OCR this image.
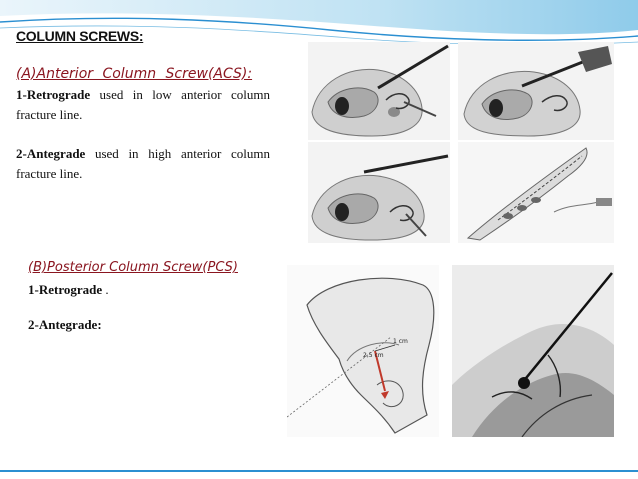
COLUMN SCREWS:
(A)Anterior Column Screw(ACS):
1-Retrograde used in low anterior column fracture line.
2-Antegrade used in high anterior column fracture line.
(B)Posterior Column Screw(PCS)
1-Retrograde .
2-Antegrade:
1 cm
2,5 cm
